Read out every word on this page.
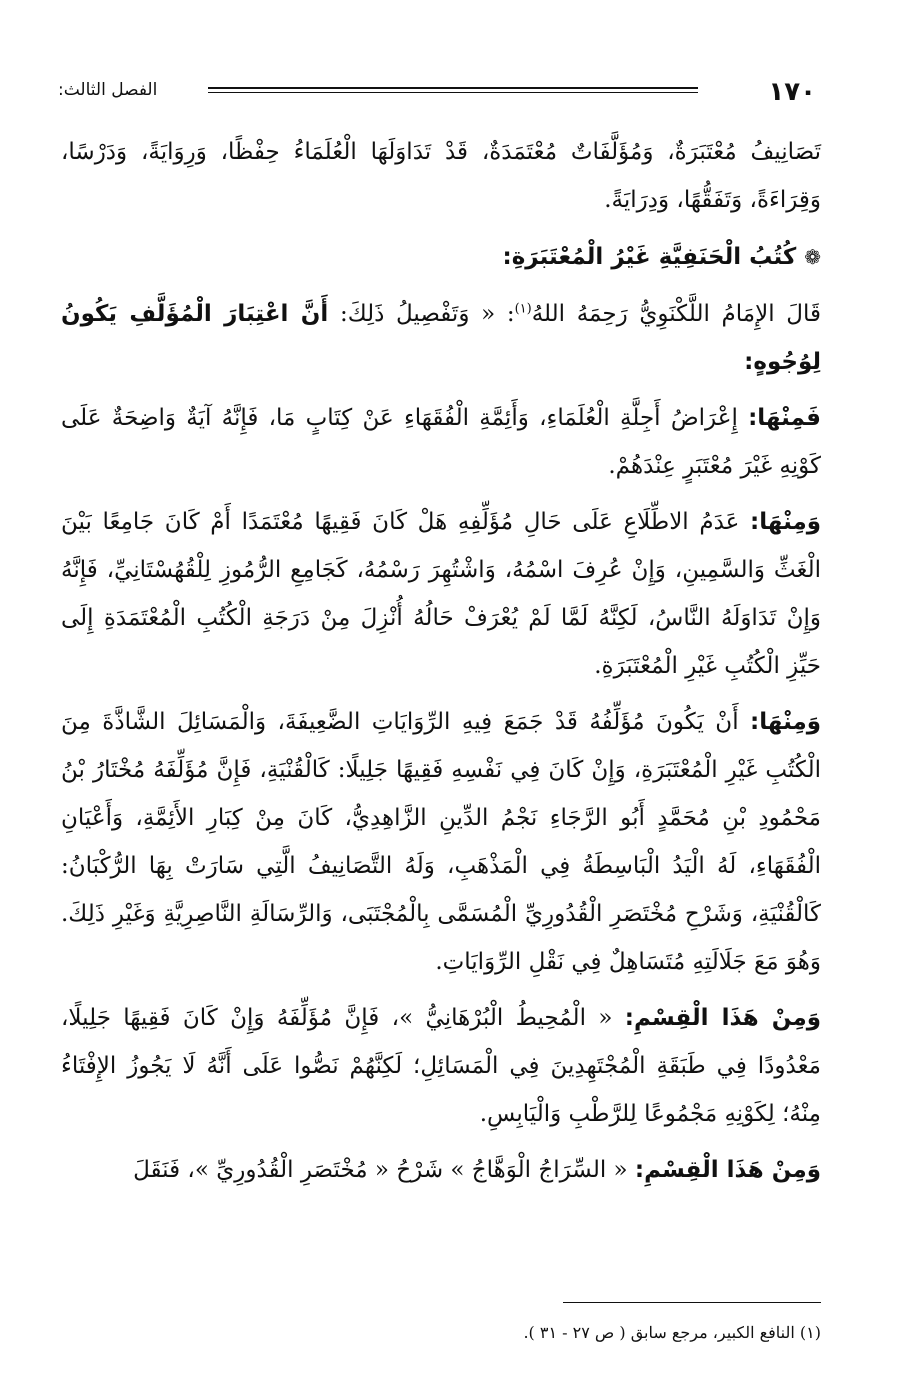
١٧٠
الفصل الثالث:

تَصَانِيفُ مُعْتَبَرَةٌ، وَمُؤَلَّفَاتٌ مُعْتَمَدَةٌ، قَدْ تَدَاوَلَهَا الْعُلَمَاءُ حِفْظًا، وَرِوَايَةً، وَدَرْسًا، وَقِرَاءَةً، وَتَفَقُّهًا، وَدِرَايَةً.

❁كُتُبُ الْحَنَفِيَّةِ غَيْرُ الْمُعْتَبَرَةِ:

قَالَ الإِمَامُ اللَّكْنَوِيُّ رَحِمَهُ اللهُ$^{(١)}$: « وَتَفْصِيلُ ذَلِكَ: أَنَّ اعْتِبَارَ الْمُؤَلَّفِ يَكُونُ لِوُجُوهٍ:

فَمِنْهَا: إِعْرَاضُ أَجِلَّةِ الْعُلَمَاءِ، وَأَئِمَّةِ الْفُقَهَاءِ عَنْ كِتَابٍ مَا، فَإِنَّهُ آيَةٌ وَاضِحَةٌ عَلَى كَوْنِهِ غَيْرَ مُعْتَبَرٍ عِنْدَهُمْ.

وَمِنْهَا: عَدَمُ الاطِّلَاعِ عَلَى حَالِ مُؤَلِّفِهِ هَلْ كَانَ فَقِيهًا مُعْتَمَدًا أَمْ كَانَ جَامِعًا بَيْنَ الْغَثِّ وَالسَّمِينِ، وَإِنْ عُرِفَ اسْمُهُ، وَاشْتُهِرَ رَسْمُهُ، كَجَامِعِ الرُّمُوزِ لِلْقُهُسْتَانِيِّ، فَإِنَّهُ وَإِنْ تَدَاوَلَهُ النَّاسُ، لَكِنَّهُ لَمَّا لَمْ يُعْرَفْ حَالُهُ أُنْزِلَ مِنْ دَرَجَةِ الْكُتُبِ الْمُعْتَمَدَةِ إِلَى حَيِّزِ الْكُتُبِ غَيْرِ الْمُعْتَبَرَةِ.

وَمِنْهَا: أَنْ يَكُونَ مُؤَلِّفُهُ قَدْ جَمَعَ فِيهِ الرِّوَايَاتِ الضَّعِيفَةَ، وَالْمَسَائِلَ الشَّاذَّةَ مِنَ الْكُتُبِ غَيْرِ الْمُعْتَبَرَةِ، وَإِنْ كَانَ فِي نَفْسِهِ فَقِيهًا جَلِيلًا: كَالْقُنْيَةِ، فَإِنَّ مُؤَلِّفَهُ مُخْتَارُ بْنُ مَحْمُودِ بْنِ مُحَمَّدٍ أَبُو الرَّجَاءِ نَجْمُ الدِّينِ الزَّاهِدِيُّ، كَانَ مِنْ كِبَارِ الأَئِمَّةِ، وَأَعْيَانِ الْفُقَهَاءِ، لَهُ الْيَدُ الْبَاسِطَةُ فِي الْمَذْهَبِ، وَلَهُ التَّصَانِيفُ الَّتِي سَارَتْ بِهَا الرُّكْبَانُ: كَالْقُنْيَةِ، وَشَرْحِ مُخْتَصَرِ الْقُدُورِيِّ الْمُسَمَّى بِالْمُجْتَبَى، وَالرِّسَالَةِ النَّاصِرِيَّةِ وَغَيْرِ ذَلِكَ. وَهُوَ مَعَ جَلَالَتِهِ مُتَسَاهِلٌ فِي نَقْلِ الرِّوَايَاتِ.

وَمِنْ هَذَا الْقِسْمِ: « الْمُحِيطُ الْبُرْهَانِيُّ »، فَإِنَّ مُؤَلِّفَهُ وَإِنْ كَانَ فَقِيهًا جَلِيلًا، مَعْدُودًا فِي طَبَقَةِ الْمُجْتَهِدِينَ فِي الْمَسَائِلِ؛ لَكِنَّهُمْ نَصُّوا عَلَى أَنَّهُ لَا يَجُوزُ الإِفْتَاءُ مِنْهُ؛ لِكَوْنِهِ مَجْمُوعًا لِلرَّطْبِ وَالْيَابِسِ.

وَمِنْ هَذَا الْقِسْمِ: « السِّرَاجُ الْوَهَّاجُ » شَرْحُ « مُخْتَصَرِ الْقُدُورِيِّ »، فَنَقَلَ

(١) النافع الكبير، مرجع سابق ( ص ٢٧ - ٣١ ).
